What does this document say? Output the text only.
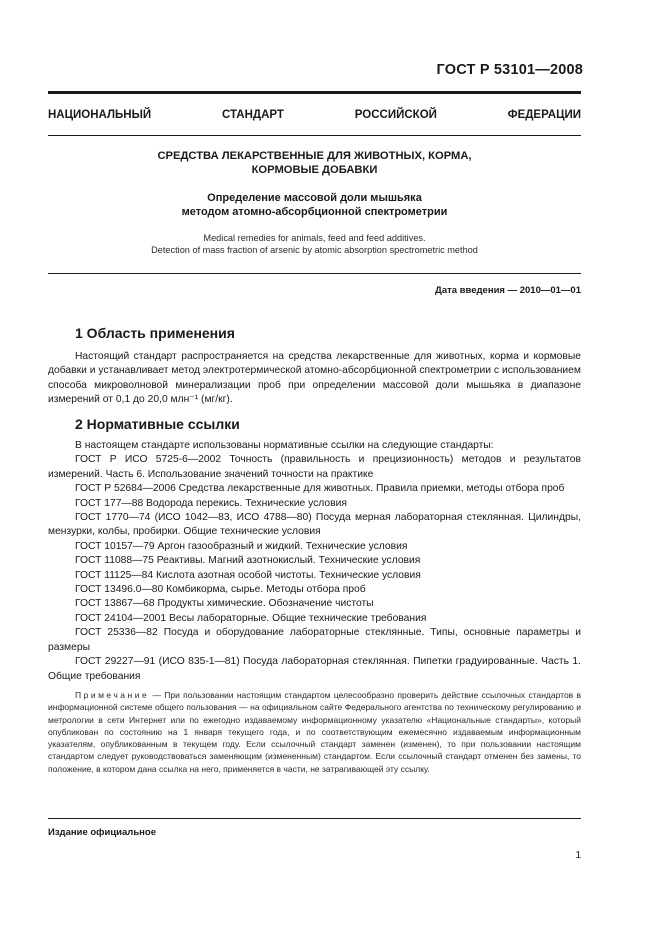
ГОСТ Р 53101—2008
НАЦИОНАЛЬНЫЙ СТАНДАРТ РОССИЙСКОЙ ФЕДЕРАЦИИ
СРЕДСТВА ЛЕКАРСТВЕННЫЕ ДЛЯ ЖИВОТНЫХ, КОРМА,
КОРМОВЫЕ ДОБАВКИ
Определение массовой доли мышьяка
методом атомно-абсорбционной спектрометрии
Medical remedies for animals, feed and feed additives.
Detection of mass fraction of arsenic by atomic absorption spectrometric method
Дата введения — 2010—01—01
1 Область применения
Настоящий стандарт распространяется на средства лекарственные для животных, корма и кормовые добавки и устанавливает метод электротермической атомно-абсорбционной спектрометрии с использованием способа микроволновой минерализации проб при определении массовой доли мышьяка в диапазоне измерений от 0,1 до 20,0 млн⁻¹ (мг/кг).
2 Нормативные ссылки
В настоящем стандарте использованы нормативные ссылки на следующие стандарты:
ГОСТ Р ИСО 5725-6—2002 Точность (правильность и прецизионность) методов и результатов измерений. Часть 6. Использование значений точности на практике
ГОСТ Р 52684—2006 Средства лекарственные для животных. Правила приемки, методы отбора проб
ГОСТ 177—88 Водорода перекись. Технические условия
ГОСТ 1770—74 (ИСО 1042—83, ИСО 4788—80) Посуда мерная лабораторная стеклянная. Цилиндры, мензурки, колбы, пробирки. Общие технические условия
ГОСТ 10157—79 Аргон газообразный и жидкий. Технические условия
ГОСТ 11088—75 Реактивы. Магний азотнокислый. Технические условия
ГОСТ 11125—84 Кислота азотная особой чистоты. Технические условия
ГОСТ 13496.0—80 Комбикорма, сырье. Методы отбора проб
ГОСТ 13867—68 Продукты химические. Обозначение чистоты
ГОСТ 24104—2001 Весы лабораторные. Общие технические требования
ГОСТ 25336—82 Посуда и оборудование лабораторные стеклянные. Типы, основные параметры и размеры
ГОСТ 29227—91 (ИСО 835-1—81) Посуда лабораторная стеклянная. Пипетки градуированные. Часть 1. Общие требования
Примечание — При пользовании настоящим стандартом целесообразно проверить действие ссылочных стандартов в информационной системе общего пользования — на официальном сайте Федерального агентства по техническому регулированию и метрологии в сети Интернет или по ежегодно издаваемому информационному указателю «Национальные стандарты», который опубликован по состоянию на 1 января текущего года, и по соответствующим ежемесячно издаваемым информационным указателям, опубликованным в текущем году. Если ссылочный стандарт заменен (изменен), то при пользовании настоящим стандартом следует руководствоваться заменяющим (измененным) стандартом. Если ссылочный стандарт отменен без замены, то положение, в котором дана ссылка на него, применяется в части, не затрагивающей эту ссылку.
Издание официальное
1
